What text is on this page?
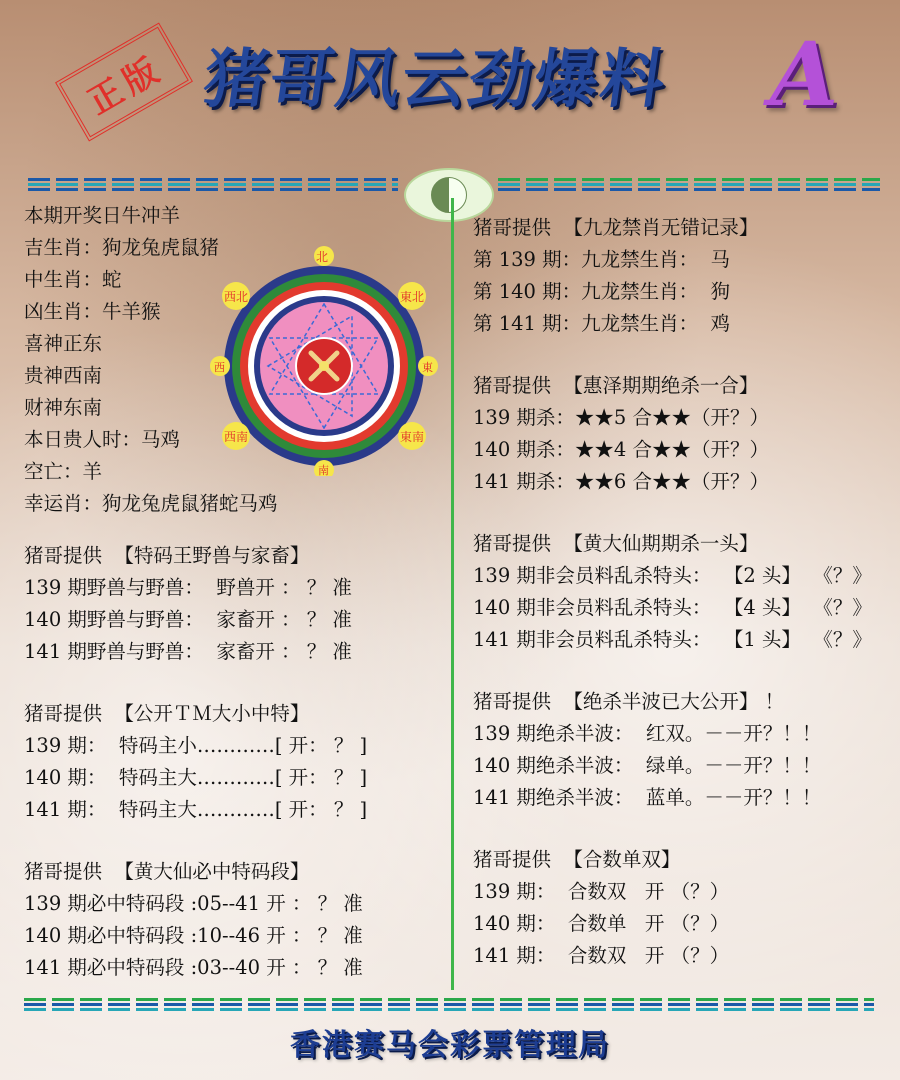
正版 猪哥风云劲爆料 A
本期开奖日牛冲羊
吉生肖：狗龙兔虎鼠猪
中生肖：蛇
凶生肖：牛羊猴
喜神正东
贵神西南
财神东南
本日贵人时：马鸡
空亡：羊
幸运肖：狗龙兔虎鼠猪蛇马鸡
北
西北	東北
西	東
西南	東南
南
猪哥提供  【特码王野兽与家畜】
139 期野兽与野兽：  野兽开 ： ？ 准
140 期野兽与野兽：  家畜开 ： ？ 准
141 期野兽与野兽：  家畜开 ： ？ 准
猪哥提供  【公开ＴＭ大小中特】
139 期：  特码主小…………[ 开： ？ ]
140 期：  特码主大…………[ 开： ？ ]
141 期：  特码主大…………[ 开： ？ ]
猪哥提供  【黄大仙必中特码段】
139 期必中特码段 :05--41 开 ： ？ 准
140 期必中特码段 :10--46 开 ： ？ 准
141 期必中特码段 :03--40 开 ： ？ 准
猪哥提供  【九龙禁肖无错记录】
第 139 期：九龙禁生肖：  马
第 140 期：九龙禁生肖：  狗
第 141 期：九龙禁生肖：  鸡
猪哥提供  【惠泽期期绝杀一合】
139 期杀：★★5 合★★（开？）
140 期杀：★★4 合★★（开？）
141 期杀：★★6 合★★（开？）
猪哥提供  【黄大仙期期杀一头】
139 期非会员料乱杀特头：  【2 头】  《？》
140 期非会员料乱杀特头：  【4 头】  《？》
141 期非会员料乱杀特头：  【1 头】  《？》
猪哥提供  【绝杀半波已大公开】 ！
139 期绝杀半波：  红双。－－开？！！
140 期绝杀半波：  绿单。－－开？！！
141 期绝杀半波：  蓝单。－－开？！！
猪哥提供  【合数单双】
139 期：  合数双   开 （？）
140 期：  合数单   开 （？）
141 期：  合数双   开 （？）
香港赛马会彩票管理局
